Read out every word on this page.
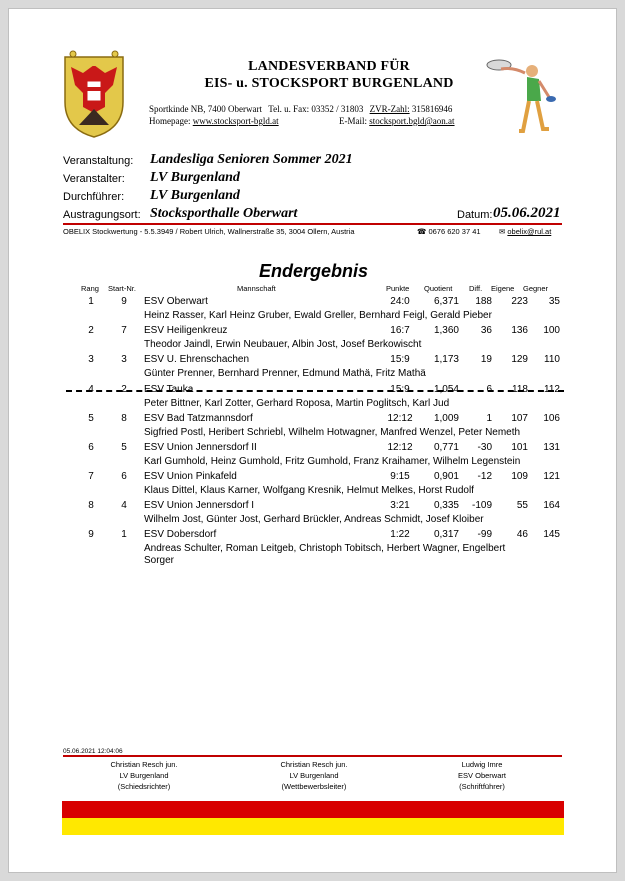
LANDESVERBAND FÜR
EIS- u. STOCKSPORT BURGENLAND
Sportkinde NB, 7400 Oberwart Tel. u. Fax: 03352 / 31803 ZVR-Zahl: 315816946
Homepage: www.stocksport-bgld.at	E-Mail: stocksport.bgld@aon.at
Veranstaltung: Landesliga Senioren Sommer 2021
Veranstalter: LV Burgenland
Durchführer: LV Burgenland
Austragungsort: Stocksporthalle Oberwart	Datum: 05.06.2021
OBELIX Stockwertung - 5.5.3949 / Robert Ulrich, Wallnerstraße 35, 3004 Ollern, Austria	☎ 0676 620 37 41 ✉ obelix@rul.at
Endergebnis
Rang Start-Nr.	Mannschaft	Punkte Quotient Diff. Eigene Gegner
1	9	ESV Oberwart	24:0	6,371	188	223	35
Heinz Rasser, Karl Heinz Gruber, Ewald Greller, Bernhard Feigl, Gerald Pieber
2	7	ESV Heiligenkreuz	16:7	1,360	36	136	100
Theodor Jaindl, Erwin Neubauer, Albin Jost, Josef Berkowischt
3	3	ESV U. Ehrenschachen	15:9	1,173	19	129	110
Günter Prenner, Bernhard Prenner, Edmund Mathä, Fritz Mathä
4	2	ESV Tauka	15:9	1,054	6	118	112
Peter Bittner, Karl Zotter, Gerhard Roposa, Martin Poglitsch, Karl Jud
5	8	ESV Bad Tatzmannsdorf	12:12	1,009	1	107	106
Sigfried Postl, Heribert Schriebl, Wilhelm Hotwagner, Manfred Wenzel, Peter Nemeth
6	5	ESV Union Jennersdorf II	12:12	0,771	-30	101	131
Karl Gumhold, Heinz Gumhold, Fritz Gumhold, Franz Kraihamer, Wilhelm Legenstein
7	6	ESV Union Pinkafeld	9:15	0,901	-12	109	121
Klaus Dittel, Klaus Karner, Wolfgang Kresnik, Helmut Melkes, Horst Rudolf
8	4	ESV Union Jennersdorf I	3:21	0,335	-109	55	164
Wilhelm Jost, Günter Jost, Gerhard Brückler, Andreas Schmidt, Josef Kloiber
9	1	ESV Dobersdorf	1:22	0,317	-99	46	145
Andreas Schulter, Roman Leitgeb, Christoph Tobitsch, Herbert Wagner, Engelbert Sorger
05.06.2021 12:04:06
Christian Resch jun.
LV Burgenland
(Schiedsrichter)
Christian Resch jun.
LV Burgenland
(Wettbewerbsleiter)
Ludwig Imre
ESV Oberwart
(Schriftführer)
